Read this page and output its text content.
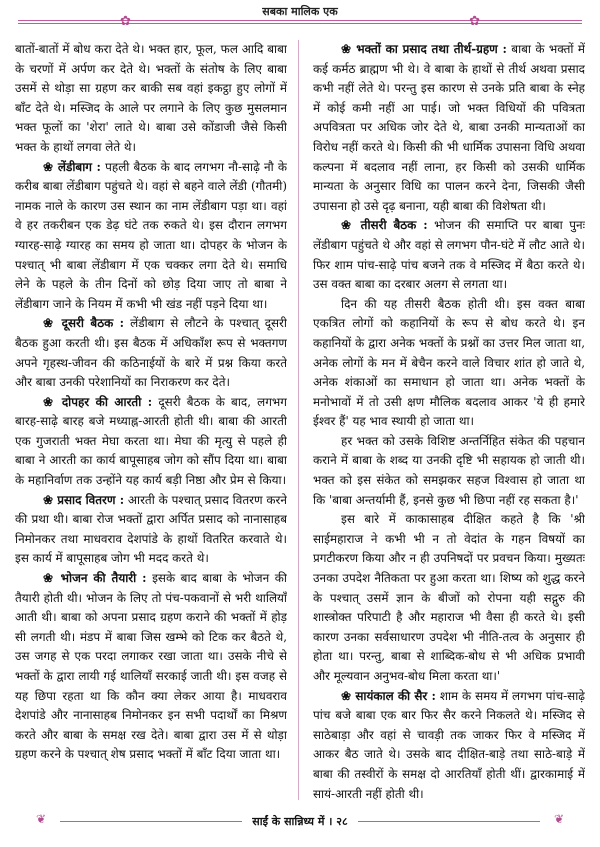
✿	✿
सबका मालिक एक

बातों-बातों में बोध करा देते थे। भक्त हार, फूल, फल आदि बाबा के चरणों में अर्पण कर देते थे। भक्तों के संतोष के लिए बाबा उसमें से थोड़ा सा ग्रहण कर बाकी सब वहां इकट्ठा हुए लोगों में बाँट देते थे। मस्जिद के आले पर लगाने के लिए कुछ मुसलमान भक्त फूलों का 'शेरा' लाते थे। बाबा उसे कोंडाजी जैसे किसी भक्त के हाथों लगवा लेते थे।

❀ लेंडीबाग : पहली बैठक के बाद लगभग नौ-साढ़े नौ के करीब बाबा लेंडीबाग पहुंचते थे। वहां से बहने वाले लेंडी (गौतमी) नामक नाले के कारण उस स्थान का नाम लेंडीबाग पड़ा था। वहां वे हर तकरीबन एक डेढ़ घंटे तक रुकते थे। इस दौरान लगभग ग्यारह-साढ़े ग्यारह का समय हो जाता था। दोपहर के भोजन के पश्चात् भी बाबा लेंडीबाग में एक चक्कर लगा देते थे। समाधि लेने के पहले के तीन दिनों को छोड़ दिया जाए तो बाबा ने लेंडीबाग जाने के नियम में कभी भी खंड नहीं पड़ने दिया था।

❀ दूसरी बैठक : लेंडीबाग से लौटने के पश्चात् दूसरी बैठक हुआ करती थी। इस बैठक में अधिकाँश रूप से भक्तगण अपने गृहस्थ-जीवन की कठिनाईयों के बारे में प्रश्न किया करते और बाबा उनकी परेशानियों का निराकरण कर देते।

❀ दोपहर की आरती : दूसरी बैठक के बाद, लगभग बारह-साढ़े बारह बजे मध्याह्न-आरती होती थी। बाबा की आरती एक गुजराती भक्त मेघा करता था। मेघा की मृत्यु से पहले ही बाबा ने आरती का कार्य बापूसाहब जोग को सौंप दिया था। बाबा के महानिर्वाण तक उन्होंने यह कार्य बड़ी निष्ठा और प्रेम से किया।

❀ प्रसाद वितरण : आरती के पश्चात् प्रसाद वितरण करने की प्रथा थी। बाबा रोज भक्तों द्वारा अर्पित प्रसाद को नानासाहब निमोनकर तथा माधवराव देशपांडे के हाथों वितरित करवाते थे। इस कार्य में बापूसाहब जोग भी मदद करते थे।

❀ भोजन की तैयारी : इसके बाद बाबा के भोजन की तैयारी होती थी। भोजन के लिए तो पंच-पकवानों से भरी थालियाँ आती थी। बाबा को अपना प्रसाद ग्रहण कराने की भक्तों में होड़ सी लगती थी। मंडप में बाबा जिस खम्भे को टिक कर बैठते थे, उस जगह से एक परदा लगाकर रखा जाता था। उसके नीचे से भक्तों के द्वारा लायी गई थालियाँ सरकाई जाती थी। इस वजह से यह छिपा रहता था कि कौन क्या लेकर आया है। माधवराव देशपांडे और नानासाहब निमोनकर इन सभी पदार्थों का मिश्रण करते और बाबा के समक्ष रख देते। बाबा द्वारा उस में से थोड़ा ग्रहण करने के पश्चात् शेष प्रसाद भक्तों में बाँट दिया जाता था।

❀ भक्तों का प्रसाद तथा तीर्थ-ग्रहण : बाबा के भक्तों में कई कर्मठ ब्राह्मण भी थे। वे बाबा के हाथों से तीर्थ अथवा प्रसाद कभी नहीं लेते थे। परन्तु इस कारण से उनके प्रति बाबा के स्नेह में कोई कमी नहीं आ पाई। जो भक्त विधियों की पवित्रता अपवित्रता पर अधिक जोर देते थे, बाबा उनकी मान्यताओं का विरोध नहीं करते थे। किसी की भी धार्मिक उपासना विधि अथवा कल्पना में बदलाव नहीं लाना, हर किसी को उसकी धार्मिक मान्यता के अनुसार विधि का पालन करने देना, जिसकी जैसी उपासना हो उसे दृढ़ बनाना, यही बाबा की विशेषता थी।

❀ तीसरी बैठक : भोजन की समाप्ति पर बाबा पुनः लेंडीबाग पहुंचते थे और वहां से लगभग पौन-घंटे में लौट आते थे। फिर शाम पांच-साढ़े पांच बजने तक वे मस्जिद में बैठा करते थे। उस वक्त बाबा का दरबार अलग से लगता था।

दिन की यह तीसरी बैठक होती थी। इस वक्त बाबा एकत्रित लोगों को कहानियों के रूप से बोध करते थे। इन कहानियों के द्वारा अनेक भक्तों के प्रश्नों का उत्तर मिल जाता था, अनेक लोगों के मन में बेचैन करने वाले विचार शांत हो जाते थे, अनेक शंकाओं का समाधान हो जाता था। अनेक भक्तों के मनोभावों में तो उसी क्षण मौलिक बदलाव आकर 'ये ही हमारे ईश्वर हैं' यह भाव स्थायी हो जाता था।

हर भक्त को उसके विशिष्ट अन्तर्निहित संकेत की पहचान कराने में बाबा के शब्द या उनकी दृष्टि भी सहायक हो जाती थी। भक्त को इस संकेत को समझकर सहज विश्वास हो जाता था कि 'बाबा अन्तर्यामी हैं, इनसे कुछ भी छिपा नहीं रह सकता है।'

इस बारे में काकासाहब दीक्षित कहते है कि 'श्री साईमहाराज ने कभी भी न तो वेदांत के गहन विषयों का प्रगटीकरण किया और न ही उपनिषदों पर प्रवचन किया। मुख्यतः उनका उपदेश नैतिकता पर हुआ करता था। शिष्य को शुद्ध करने के पश्चात् उसमें ज्ञान के बीजों को रोपना यही सद्गुरु की शास्त्रोक्त परिपाटी है और महाराज भी वैसा ही करते थे। इसी कारण उनका सर्वसाधारण उपदेश भी नीति-तत्व के अनुसार ही होता था। परन्तु, बाबा से शाब्दिक-बोध से भी अधिक प्रभावी और मूल्यवान अनुभव-बोध मिला करता था।'

❀ सायंकाल की सैर : शाम के समय में लगभग पांच-साढ़े पांच बजे बाबा एक बार फिर सैर करने निकलते थे। मस्जिद से साठेबाड़ा और वहां से चावड़ी तक जाकर फिर वे मस्जिद में आकर बैठ जाते थे। उसके बाद दीक्षित-बाड़े तथा साठे-बाड़े में बाबा की तस्वीरों के समक्ष दो आरतियाँ होती थीं। द्वारकामाई में सायं-आरती नहीं होती थी।

❦	❦
साईं के सान्निध्य में । २८
